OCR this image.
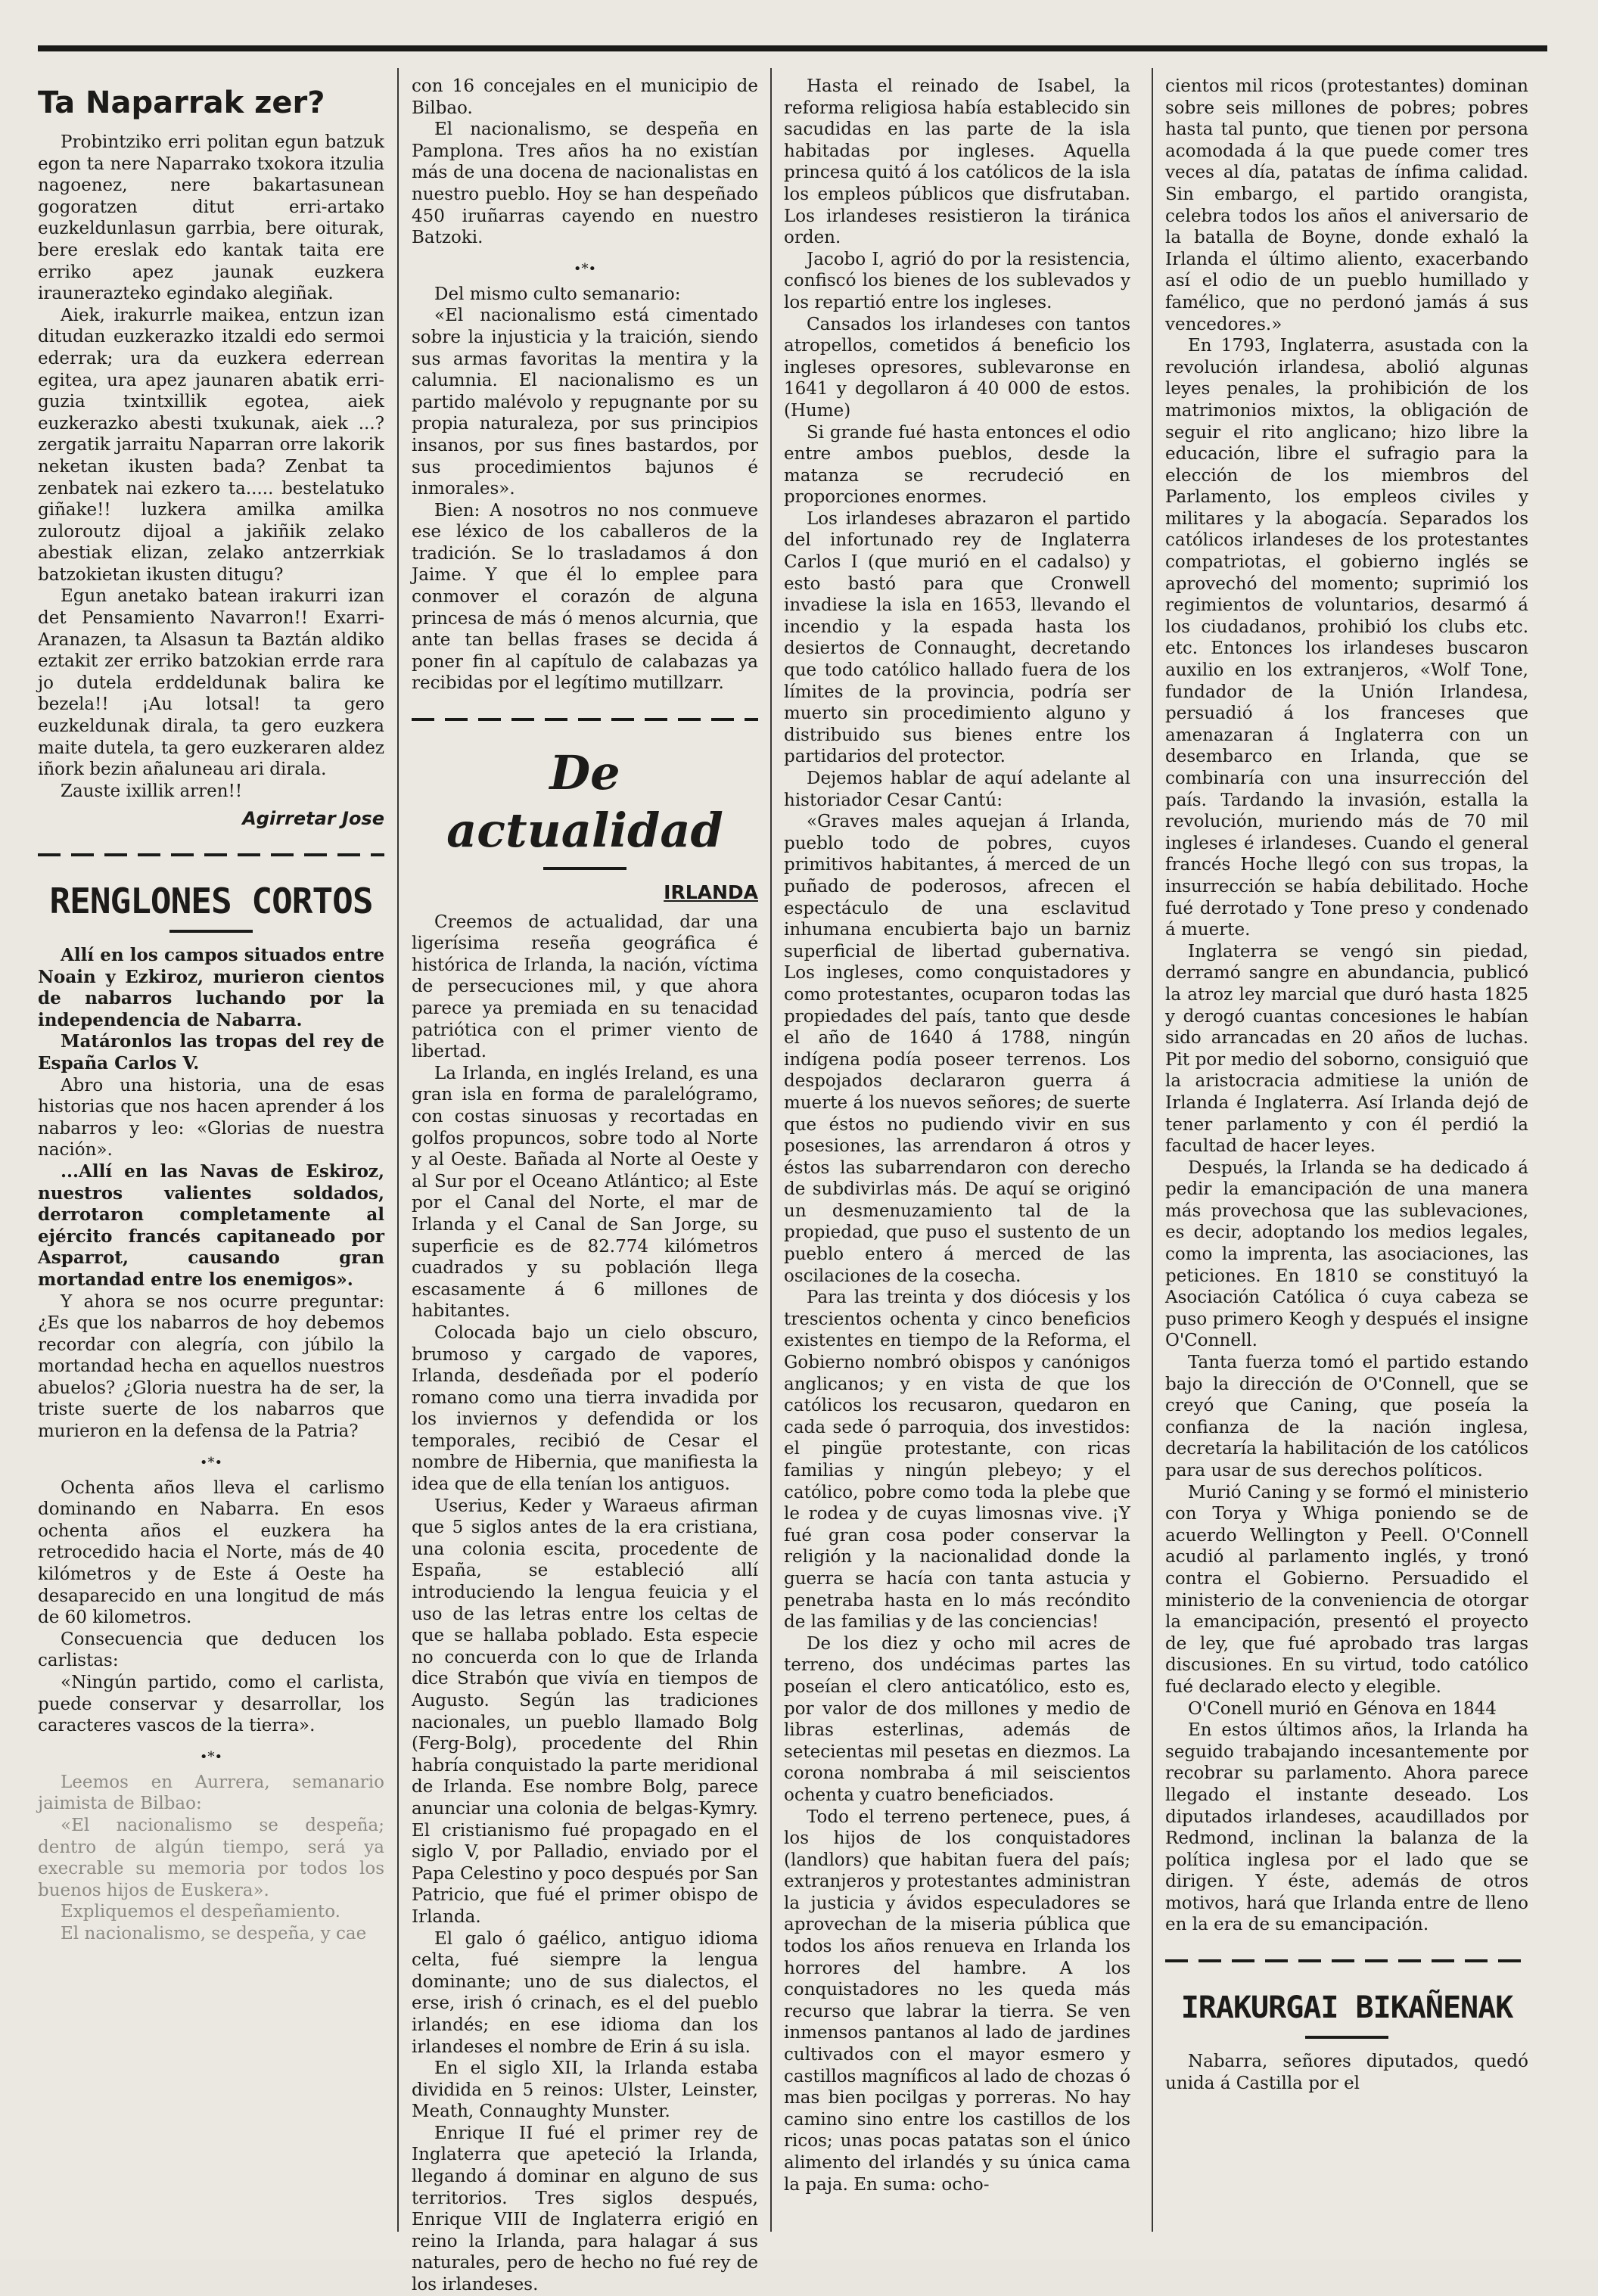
Ta Naparrak zer?

Probintziko erri politan egun batzuk egon ta nere Naparrako txokora itzulia nagoenez, nere bakartasunean gogoratzen ditut erri-artako euzkeldunlasun garrbia, bere oiturak, bere ereslak edo kantak taita ere erriko apez jaunak euzkera iraunerazteko egindako alegiñak.

Aiek, irakurrle maikea, entzun izan ditudan euzkerazko itzaldi edo sermoi ederrak; ura da euzkera ederrean egitea, ura apez jaunaren abatik erri-guzia txintxillik egotea, aiek euzkerazko abesti txukunak, aiek ...? zergatik jarraitu Naparran orre lakorik neketan ikusten bada? Zenbat ta zenbatek nai ezkero ta..... bestelatuko giñake!! luzkera amilka amilka zuloroutz dijoal a jakiñik zelako abestiak elizan, zelako antzerrkiak batzokietan ikusten ditugu?

Egun anetako batean irakurri izan det Pensamiento Navarron!! Exarri-Aranazen, ta Alsasun ta Baztán aldiko eztakit zer erriko batzokian errde rara jo dutela erddeldunak balira ke bezela!! ¡Au lotsal! ta gero euzkeldunak dirala, ta gero euzkera maite dutela, ta gero euzkeraren aldez iñork bezin añaluneau ari dirala.

Zauste ixillik arren!!

Agirretar Jose
RENGLONES CORTOS

Allí en los campos situados entre Noain y Ezkiroz, murieron cientos de nabarros luchando por la independencia de Nabarra.

Matáronlos las tropas del rey de España Carlos V.

Abro una historia, una de esas historias que nos hacen aprender á los nabarros y leo: «Glorias de nuestra nación».

...Allí en las Navas de Eskiroz, nuestros valientes soldados, derrotaron completamente al ejército francés capitaneado por Asparrot, causando gran mortandad entre los enemigos».

Y ahora se nos ocurre preguntar: ¿Es que los nabarros de hoy debemos recordar con alegría, con júbilo la mortandad hecha en aquellos nuestros abuelos? ¿Gloria nuestra ha de ser, la triste suerte de los nabarros que murieron en la defensa de la Patria?

•*•

Ochenta años lleva el carlismo dominando en Nabarra. En esos ochenta años el euzkera ha retrocedido hacia el Norte, más de 40 kilómetros y de Este á Oeste ha desaparecido en una longitud de más de 60 kilometros.

Consecuencia que deducen los carlistas:

«Ningún partido, como el carlista, puede conservar y desarrollar, los caracteres vascos de la tierra».

•*•

Leemos en Aurrera, semanario jaimista de Bilbao:

«El nacionalismo se despeña; dentro de algún tiempo, será ya execrable su memoria por todos los buenos hijos de Euskera».

Expliquemos el despeñamiento.

El nacionalismo, se despeña, y cae

con 16 concejales en el municipio de Bilbao.

El nacionalismo, se despeña en Pamplona. Tres años ha no existían más de una docena de nacionalistas en nuestro pueblo. Hoy se han despeñado 450 iruñarras cayendo en nuestro Batzoki.

•*•

Del mismo culto semanario:

«El nacionalismo está cimentado sobre la injusticia y la traición, siendo sus armas favoritas la mentira y la calumnia. El nacionalismo es un partido malévolo y repugnante por su propia naturaleza, por sus principios insanos, por sus fines bastardos, por sus procedimientos bajunos é inmorales».

Bien: A nosotros no nos conmueve ese léxico de los caballeros de la tradición. Se lo trasladamos á don Jaime. Y que él lo emplee para conmover el corazón de alguna princesa de más ó menos alcurnia, que ante tan bellas frases se decida á poner fin al capítulo de calabazas ya recibidas por el legítimo mutillzarr.

De actualidad
IRLANDA

Creemos de actualidad, dar una ligerísima reseña geográfica é histórica de Irlanda, la nación, víctima de persecuciones mil, y que ahora parece ya premiada en su tenacidad patriótica con el primer viento de libertad.

La Irlanda, en inglés Ireland, es una gran isla en forma de paralelógramo, con costas sinuosas y recortadas en golfos propuncos, sobre todo al Norte y al Oeste. Bañada al Norte al Oeste y al Sur por el Oceano Atlántico; al Este por el Canal del Norte, el mar de Irlanda y el Canal de San Jorge, su superficie es de 82.774 kilómetros cuadrados y su población llega escasamente á 6 millones de habitantes.

Colocada bajo un cielo obscuro, brumoso y cargado de vapores, Irlanda, desdeñada por el poderío romano como una tierra invadida por los inviernos y defendida or los temporales, recibió de Cesar el nombre de Hibernia, que manifiesta la idea que de ella tenían los antiguos.

Userius, Keder y Waraeus afirman que 5 siglos antes de la era cristiana, una colonia escita, procedente de España, se estableció allí introduciendo la lengua feuicia y el uso de las letras entre los celtas de que se hallaba poblado. Esta especie no concuerda con lo que de Irlanda dice Strabón que vivía en tiempos de Augusto. Según las tradiciones nacionales, un pueblo llamado Bolg (Ferg-Bolg), procedente del Rhin habría conquistado la parte meridional de Irlanda. Ese nombre Bolg, parece anunciar una colonia de belgas-Kymry. El cristianismo fué propagado en el siglo V, por Palladio, enviado por el Papa Celestino y poco después por San Patricio, que fué el primer obispo de Irlanda.

El galo ó gaélico, antiguo idioma celta, fué siempre la lengua dominante; uno de sus dialectos, el erse, irish ó crinach, es el del pueblo irlandés; en ese idioma dan los irlandeses el nombre de Erin á su isla.

En el siglo XII, la Irlanda estaba dividida en 5 reinos: Ulster, Leinster, Meath, Connaughty Munster.

Enrique II fué el primer rey de Inglaterra que apeteció la Irlanda, llegando á dominar en alguno de sus territorios. Tres siglos después, Enrique VIII de Inglaterra erigió en reino la Irlanda, para halagar á sus naturales, pero de hecho no fué rey de los irlandeses.

Hasta el reinado de Isabel, la reforma religiosa había establecido sin sacudidas en las parte de la isla habitadas por ingleses. Aquella princesa quitó á los católicos de la isla los empleos públicos que disfrutaban. Los irlandeses resistieron la tiránica orden.

Jacobo I, agrió do por la resistencia, confiscó los bienes de los sublevados y los repartió entre los ingleses.

Cansados los irlandeses con tantos atropellos, cometidos á beneficio los ingleses opresores, sublevaronse en 1641 y degollaron á 40 000 de estos. (Hume)

Si grande fué hasta entonces el odio entre ambos pueblos, desde la matanza se recrudeció en proporciones enormes.

Los irlandeses abrazaron el partido del infortunado rey de Inglaterra Carlos I (que murió en el cadalso) y esto bastó para que Cronwell invadiese la isla en 1653, llevando el incendio y la espada hasta los desiertos de Connaught, decretando que todo católico hallado fuera de los límites de la provincia, podría ser muerto sin procedimiento alguno y distribuido sus bienes entre los partidarios del protector.

Dejemos hablar de aquí adelante al historiador Cesar Cantú:

«Graves males aquejan á Irlanda, pueblo todo de pobres, cuyos primitivos habitantes, á merced de un puñado de poderosos, afrecen el espectáculo de una esclavitud inhumana encubierta bajo un barniz superficial de libertad gubernativa. Los ingleses, como conquistadores y como protestantes, ocuparon todas las propiedades del país, tanto que desde el año de 1640 á 1788, ningún indígena podía poseer terrenos. Los despojados declararon guerra á muerte á los nuevos señores; de suerte que éstos no pudiendo vivir en sus posesiones, las arrendaron á otros y éstos las subarrendaron con derecho de subdivirlas más. De aquí se originó un desmenuzamiento tal de la propiedad, que puso el sustento de un pueblo entero á merced de las oscilaciones de la cosecha.

Para las treinta y dos diócesis y los trescientos ochenta y cinco beneficios existentes en tiempo de la Reforma, el Gobierno nombró obispos y canónigos anglicanos; y en vista de que los católicos los recusaron, quedaron en cada sede ó parroquia, dos investidos: el pingüe protestante, con ricas familias y ningún plebeyo; y el católico, pobre como toda la plebe que le rodea y de cuyas limosnas vive. ¡Y fué gran cosa poder conservar la religión y la nacionalidad donde la guerra se hacía con tanta astucia y penetraba hasta en lo más recóndito de las familias y de las conciencias!

De los diez y ocho mil acres de terreno, dos undécimas partes las poseían el clero anticatólico, esto es, por valor de dos millones y medio de libras esterlinas, además de setecientas mil pesetas en diezmos. La corona nombraba á mil seiscientos ochenta y cuatro beneficiados.

Todo el terreno pertenece, pues, á los hijos de los conquistadores (landlors) que habitan fuera del país; extranjeros y protestantes administran la justicia y ávidos especuladores se aprovechan de la miseria pública que todos los años renueva en Irlanda los horrores del hambre. A los conquistadores no les queda más recurso que labrar la tierra. Se ven inmensos pantanos al lado de jardines cultivados con el mayor esmero y castillos magníficos al lado de chozas ó mas bien pocilgas y porreras. No hay camino sino entre los castillos de los ricos; unas pocas patatas son el único alimento del irlandés y su única cama la paja. En suma: ocho-

cientos mil ricos (protestantes) dominan sobre seis millones de pobres; pobres hasta tal punto, que tienen por persona acomodada á la que puede comer tres veces al día, patatas de ínfima calidad. Sin embargo, el partido orangista, celebra todos los años el aniversario de la batalla de Boyne, donde exhaló la Irlanda el último aliento, exacerbando así el odio de un pueblo humillado y famélico, que no perdonó jamás á sus vencedores.»

En 1793, Inglaterra, asustada con la revolución irlandesa, abolió algunas leyes penales, la prohibición de los matrimonios mixtos, la obligación de seguir el rito anglicano; hizo libre la educación, libre el sufragio para la elección de los miembros del Parlamento, los empleos civiles y militares y la abogacía. Separados los católicos irlandeses de los protestantes compatriotas, el gobierno inglés se aprovechó del momento; suprimió los regimientos de voluntarios, desarmó á los ciudadanos, prohibió los clubs etc. etc. Entonces los irlandeses buscaron auxilio en los extranjeros, «Wolf Tone, fundador de la Unión Irlandesa, persuadió á los franceses que amenazaran á Inglaterra con un desembarco en Irlanda, que se combinaría con una insurrección del país. Tardando la invasión, estalla la revolución, muriendo más de 70 mil ingleses é irlandeses. Cuando el general francés Hoche llegó con sus tropas, la insurrección se había debilitado. Hoche fué derrotado y Tone preso y condenado á muerte.

Inglaterra se vengó sin piedad, derramó sangre en abundancia, publicó la atroz ley marcial que duró hasta 1825 y derogó cuantas concesiones le habían sido arrancadas en 20 años de luchas. Pit por medio del soborno, consiguió que la aristocracia admitiese la unión de Irlanda é Inglaterra. Así Irlanda dejó de tener parlamento y con él perdió la facultad de hacer leyes.

Después, la Irlanda se ha dedicado á pedir la emancipación de una manera más provechosa que las sublevaciones, es decir, adoptando los medios legales, como la imprenta, las asociaciones, las peticiones. En 1810 se constituyó la Asociación Católica ó cuya cabeza se puso primero Keogh y después el insigne O'Connell.

Tanta fuerza tomó el partido estando bajo la dirección de O'Connell, que se creyó que Caning, que poseía la confianza de la nación inglesa, decretaría la habilitación de los católicos para usar de sus derechos políticos.

Murió Caning y se formó el ministerio con Torya y Whiga poniendo se de acuerdo Wellington y Peell. O'Connell acudió al parlamento inglés, y tronó contra el Gobierno. Persuadido el ministerio de la conveniencia de otorgar la emancipación, presentó el proyecto de ley, que fué aprobado tras largas discusiones. En su virtud, todo católico fué declarado electo y elegible.

O'Conell murió en Génova en 1844

En estos últimos años, la Irlanda ha seguido trabajando incesantemente por recobrar su parlamento. Ahora parece llegado el instante deseado. Los diputados irlandeses, acaudillados por Redmond, inclinan la balanza de la política inglesa por el lado que se dirigen. Y éste, además de otros motivos, hará que Irlanda entre de lleno en la era de su emancipación.

IRAKURGAI BIKAÑENAK

Nabarra, señores diputados, quedó unida á Castilla por el
